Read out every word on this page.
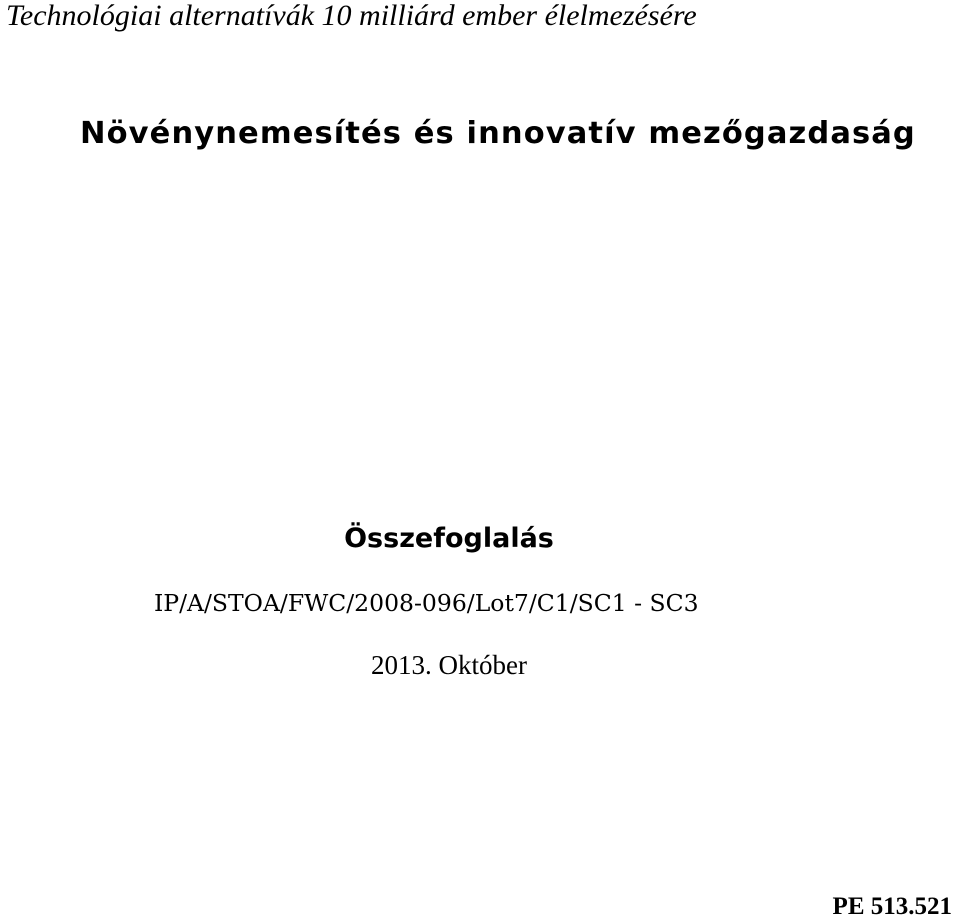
Technológiai alternatívák 10 milliárd ember élelmezésére
Növénynemesítés és innovatív mezőgazdaság
Összefoglalás
IP/A/STOA/FWC/2008-096/Lot7/C1/SC1 - SC3
2013. Október
PE 513.521
